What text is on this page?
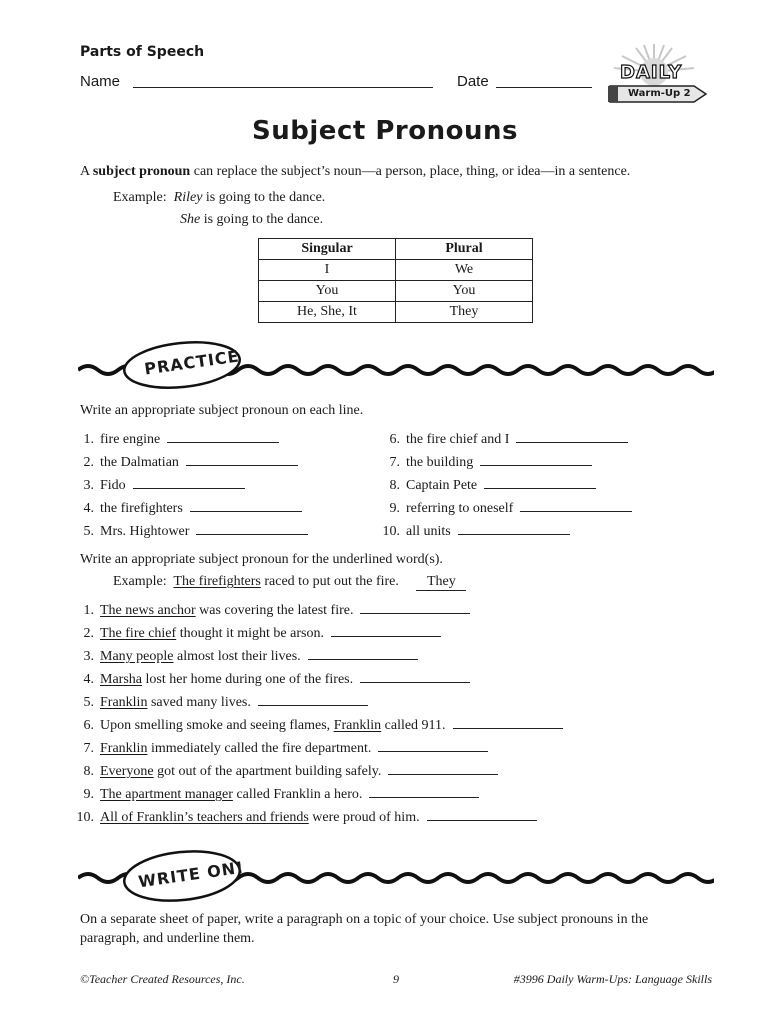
Parts of Speech
Name	Date	DAILY
Warm-Up 2
Subject Pronouns
A subject pronoun can replace the subject’s noun—a person, place, thing, or idea—in a sentence.
Example: Riley is going to the dance.
She is going to the dance.
Singular	Plural
I	We
You	You
He, She, It	They
PRACTICE
Write an appropriate subject pronoun on each line.
1. fire engine
2. the Dalmatian
3. Fido
4. the firefighters
5. Mrs. Hightower
6. the fire chief and I
7. the building
8. Captain Pete
9. referring to oneself
10. all units
Write an appropriate subject pronoun for the underlined word(s).
Example: The firefighters raced to put out the fire. They
1. The news anchor was covering the latest fire.
2. The fire chief thought it might be arson.
3. Many people almost lost their lives.
4. Marsha lost her home during one of the fires.
5. Franklin saved many lives.
6. Upon smelling smoke and seeing flames, Franklin called 911.
7. Franklin immediately called the fire department.
8. Everyone got out of the apartment building safely.
9. The apartment manager called Franklin a hero.
10. All of Franklin’s teachers and friends were proud of him.
WRITE ON!
On a separate sheet of paper, write a paragraph on a topic of your choice. Use subject pronouns in the
paragraph, and underline them.
©Teacher Created Resources, Inc.	9	#3996 Daily Warm-Ups: Language Skills
